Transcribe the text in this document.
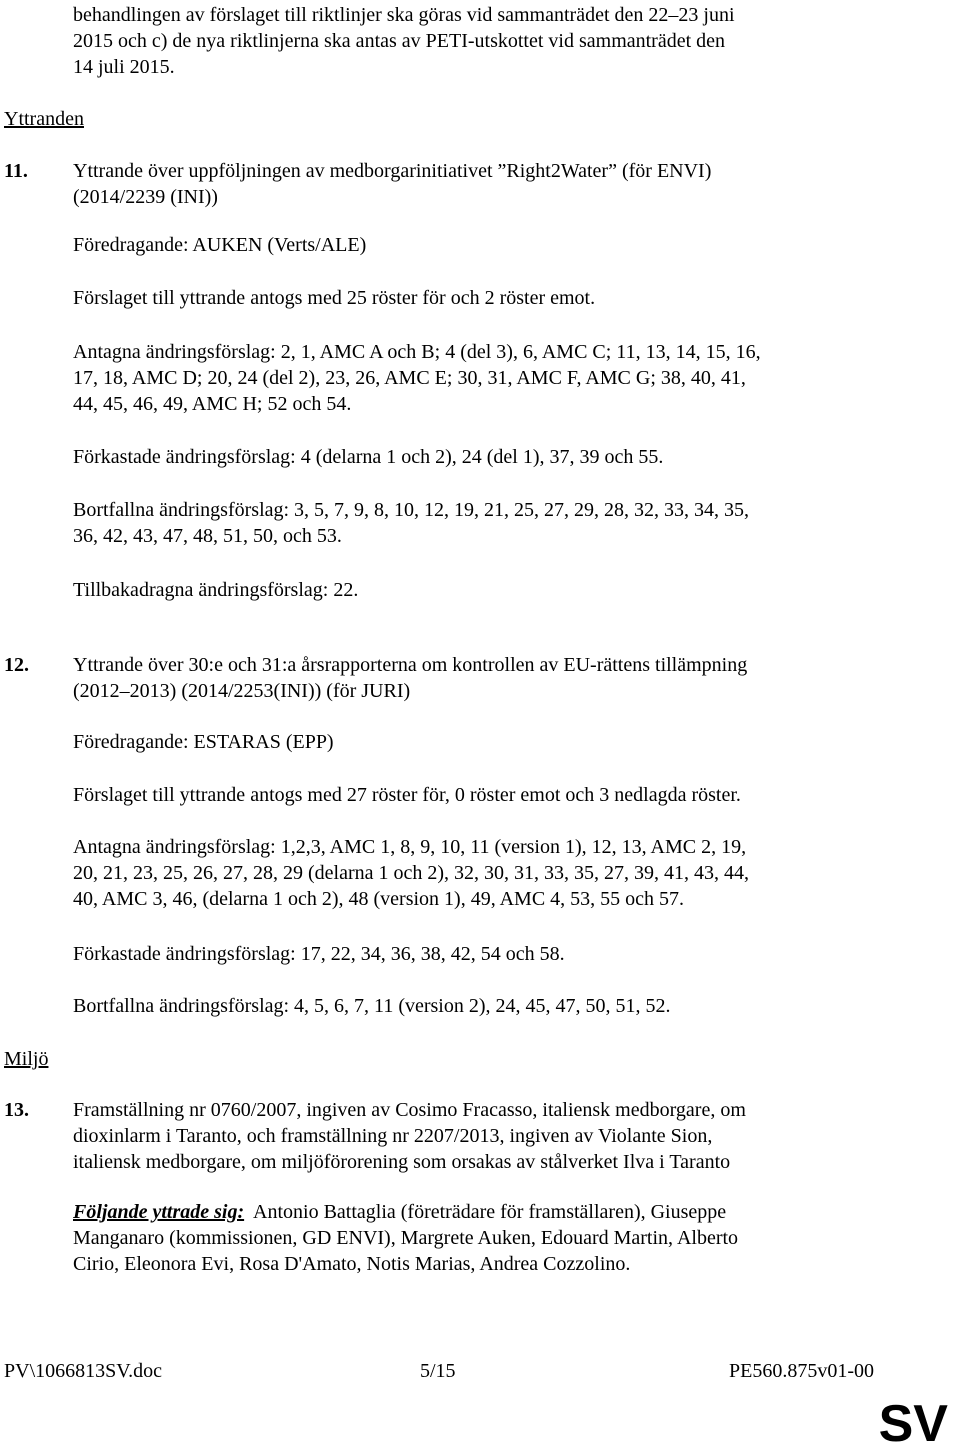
behandlingen av förslaget till riktlinjer ska göras vid sammanträdet den 22–23 juni
2015 och c) de nya riktlinjerna ska antas av PETI-utskottet vid sammanträdet den
14 juli 2015.
Yttranden
11. Yttrande över uppföljningen av medborgarinitiativet ”Right2Water” (för ENVI)
(2014/2239 (INI))
Föredragande: AUKEN (Verts/ALE)
Förslaget till yttrande antogs med 25 röster för och 2 röster emot.
Antagna ändringsförslag: 2, 1, AMC A och B; 4 (del 3), 6, AMC C; 11, 13, 14, 15, 16,
17, 18, AMC D; 20, 24 (del 2), 23, 26, AMC E; 30, 31, AMC F, AMC G; 38, 40, 41,
44, 45, 46, 49, AMC H; 52 och 54.
Förkastade ändringsförslag: 4 (delarna 1 och 2), 24 (del 1), 37, 39 och 55.
Bortfallna ändringsförslag: 3, 5, 7, 9, 8, 10, 12, 19, 21, 25, 27, 29, 28, 32, 33, 34, 35,
36, 42, 43, 47, 48, 51, 50, och 53.
Tillbakadragna ändringsförslag: 22.
12. Yttrande över 30:e och 31:a årsrapporterna om kontrollen av EU-rättens tillämpning
(2012–2013) (2014/2253(INI)) (för JURI)
Föredragande: ESTARAS (EPP)
Förslaget till yttrande antogs med 27 röster för, 0 röster emot och 3 nedlagda röster.
Antagna ändringsförslag: 1,2,3, AMC 1, 8, 9, 10, 11 (version 1), 12, 13, AMC 2, 19,
20, 21, 23, 25, 26, 27, 28, 29 (delarna 1 och 2), 32, 30, 31, 33, 35, 27, 39, 41, 43, 44,
40, AMC 3, 46, (delarna 1 och 2), 48 (version 1), 49, AMC 4, 53, 55 och 57.
Förkastade ändringsförslag: 17, 22, 34, 36, 38, 42, 54 och 58.
Bortfallna ändringsförslag: 4, 5, 6, 7, 11 (version 2), 24, 45, 47, 50, 51, 52.
Miljö
13. Framställning nr 0760/2007, ingiven av Cosimo Fracasso, italiensk medborgare, om
dioxinlarm i Taranto, och framställning nr 2207/2013, ingiven av Violante Sion,
italiensk medborgare, om miljöförorening som orsakas av stålverket Ilva i Taranto
Följande yttrade sig: Antonio Battaglia (företrädare för framställaren), Giuseppe
Manganaro (kommissionen, GD ENVI), Margrete Auken, Edouard Martin, Alberto
Cirio, Eleonora Evi, Rosa D'Amato, Notis Marias, Andrea Cozzolino.
PV\1066813SV.doc	5/15	PE560.875v01-00
SV
